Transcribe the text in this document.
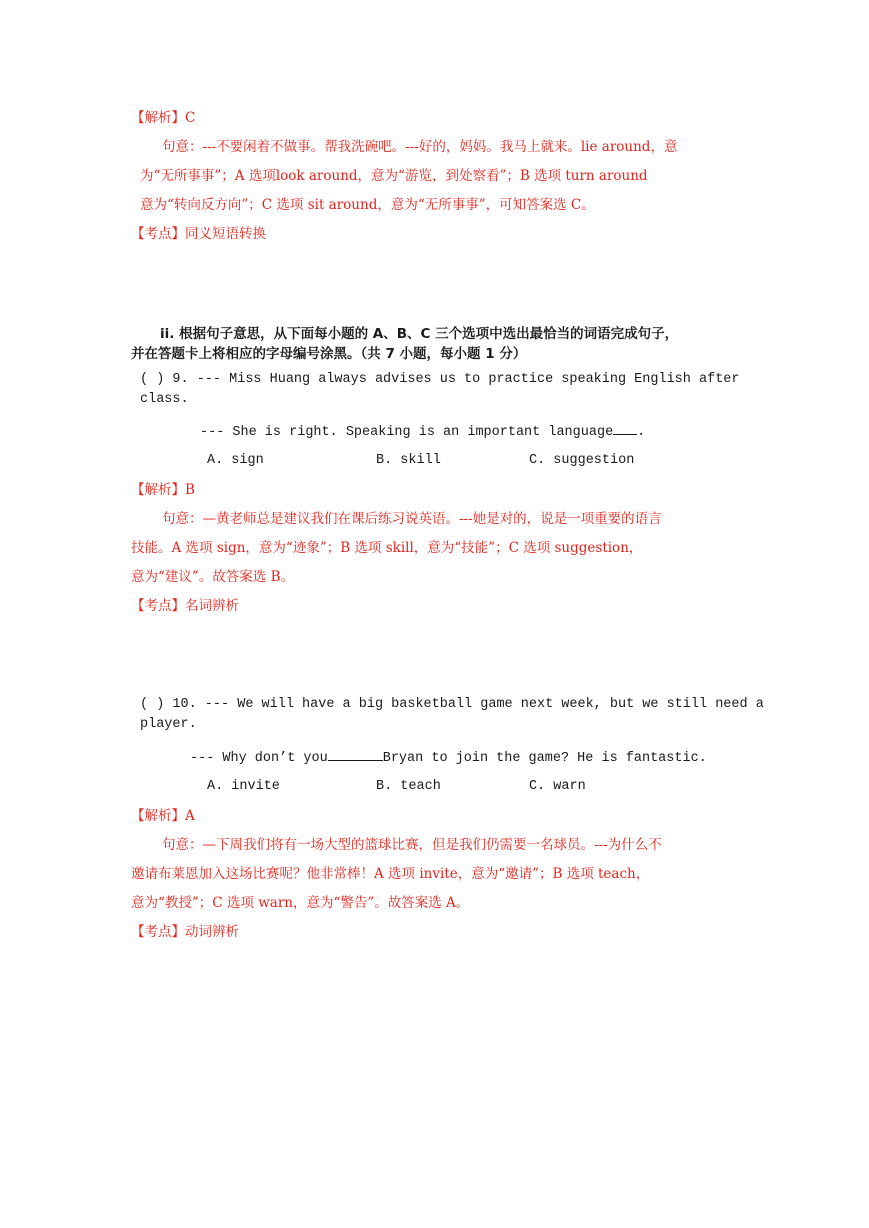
【解析】C
句意：---不要闲着不做事。帮我洗碗吧。---好的，妈妈。我马上就来。lie around，意
为“无所事事”；A 选项look around，意为“游览，到处察看”；B 选项 turn around
意为“转向反方向”；C 选项 sit around，意为“无所事事”，可知答案选 C。
【考点】同义短语转换
ii. 根据句子意思，从下面每小题的 A、B、C 三个选项中选出最恰当的词语完成句子，
并在答题卡上将相应的字母编号涂黑。（共 7 小题，每小题 1 分）
( ) 9. --- Miss Huang always advises us to practice speaking English after
class.
--- She is right. Speaking is an important language .
A. sign	B. skill	C. suggestion
【解析】B
句意：—黄老师总是建议我们在课后练习说英语。---她是对的，说是一项重要的语言
技能。A 选项 sign，意为“迹象”；B 选项 skill，意为“技能”；C 选项 suggestion，
意为“建议”。故答案选 B。
【考点】名词辨析
( ) 10. --- We will have a big basketball game next week, but we still need a
player.
--- Why don’t you	Bryan to join the game? He is fantastic.
A. invite	B. teach	C. warn
【解析】A
句意：—下周我们将有一场大型的篮球比赛，但是我们仍需要一名球员。---为什么不
邀请布莱恩加入这场比赛呢？他非常棒！A 选项 invite，意为“邀请”；B 选项 teach，
意为“教授”；C 选项 warn，意为“警告”。故答案选 A。
【考点】动词辨析
